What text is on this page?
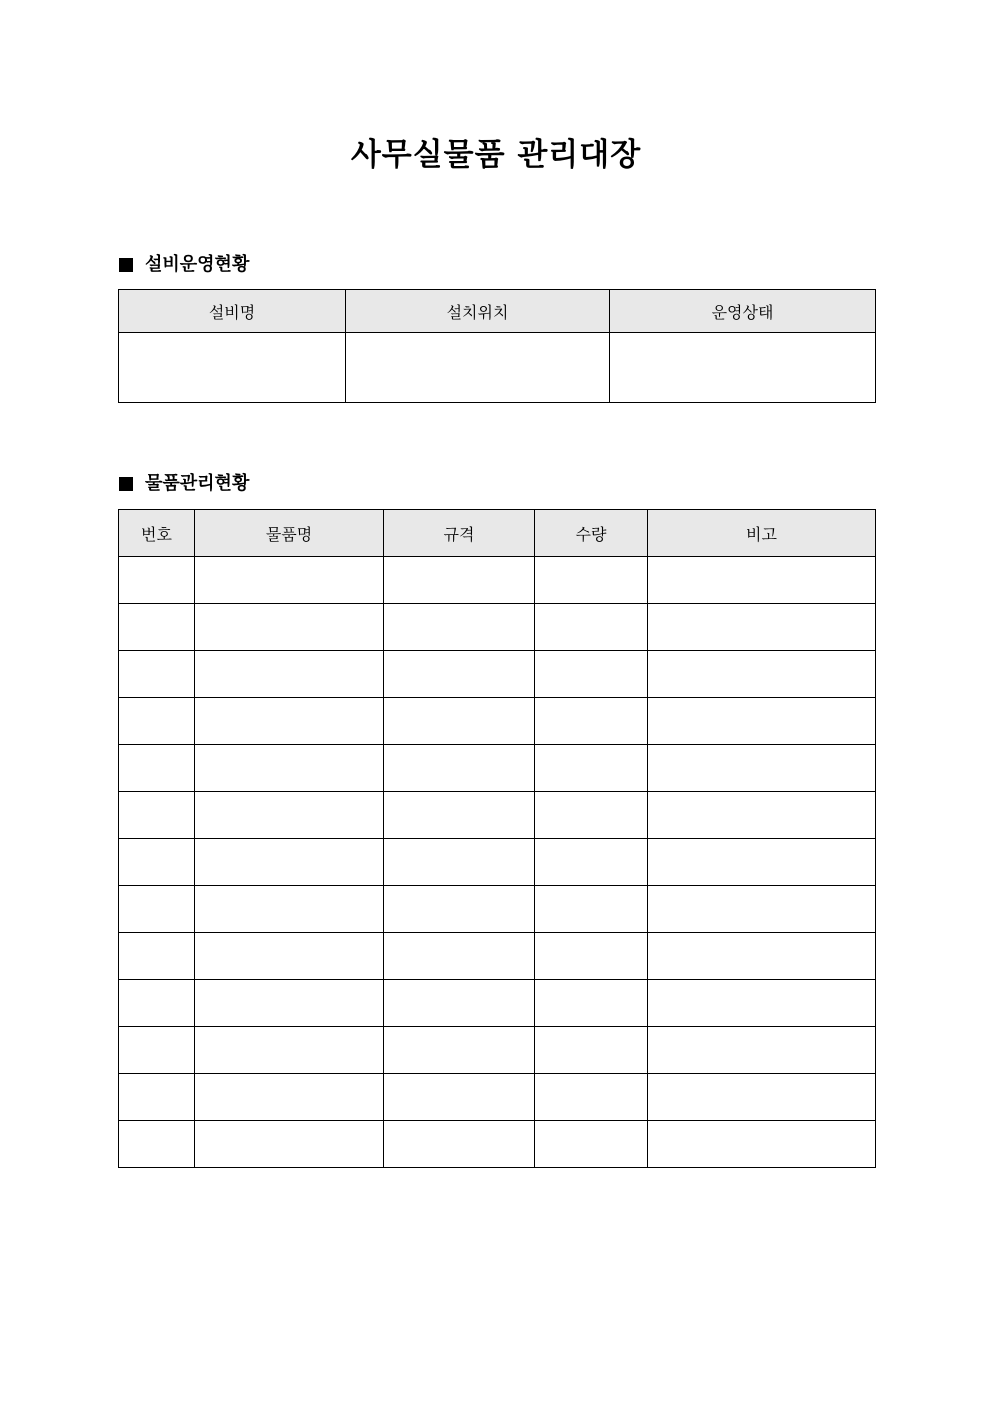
사무실물품 관리대장
설비운영현황
설비명	설치위치	운영상태

물품관리현황
번호	물품명	규격	수량	비고
